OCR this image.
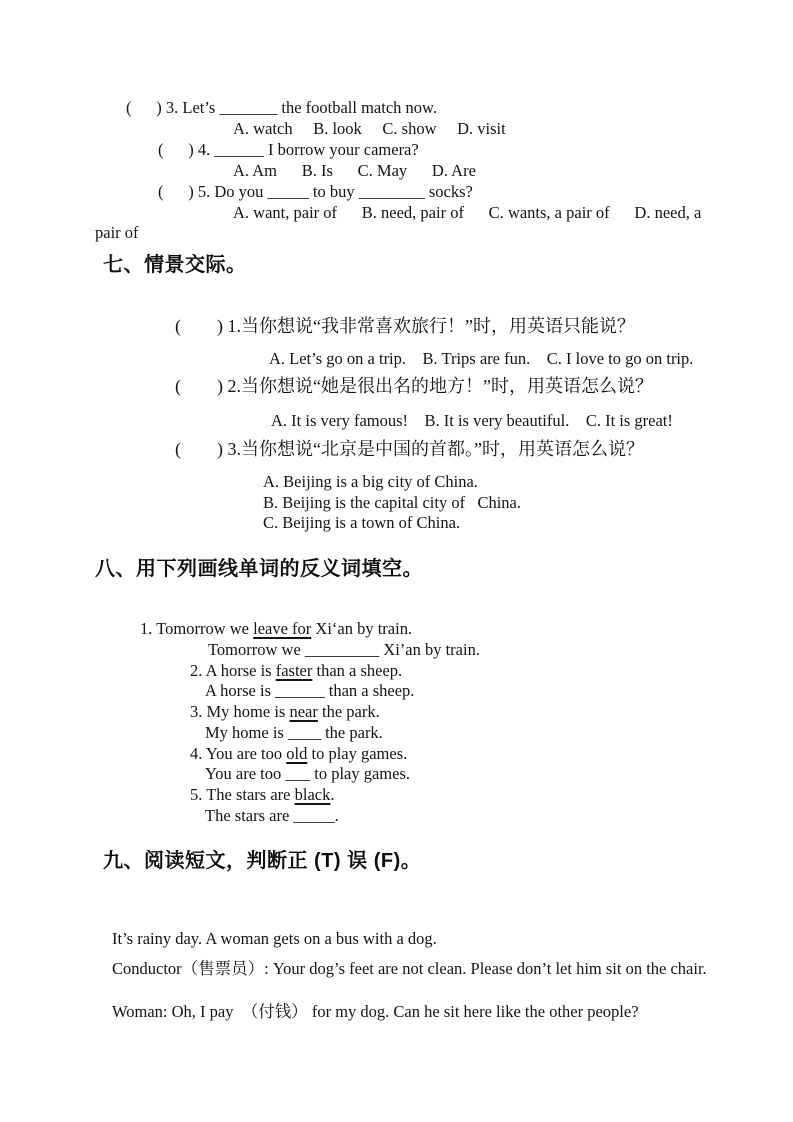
(      ) 3. Let’s _______ the football match now.
A. watch     B. look     C. show     D. visit
(      ) 4. ______ I borrow your camera?
A. Am      B. Is      C. May      D. Are
(      ) 5. Do you _____ to buy ________ socks?
A. want, pair of      B. need, pair of      C. wants, a pair of      D. need, a
pair of
七、情景交际。
(        ) 1.当你想说“我非常喜欢旅行！”时，用英语只能说？
A. Let’s go on a trip.    B. Trips are fun.    C. I love to go on trip.
(        ) 2.当你想说“她是很出名的地方！”时，用英语怎么说？
A. It is very famous!    B. It is very beautiful.    C. It is great!
(        ) 3.当你想说“北京是中国的首都。”时，用英语怎么说？
A. Beijing is a big city of China.
B. Beijing is the capital city of   China.
C. Beijing is a town of China.
八、用下列画线单词的反义词填空。
1. Tomorrow we leave for Xi‘an by train.
Tomorrow we _________ Xi’an by train.
2. A horse is faster than a sheep.
A horse is ______ than a sheep.
3. My home is near the park.
My home is ____ the park.
4. You are too old to play games.
You are too ___ to play games.
5. The stars are black.
The stars are _____.
九、阅读短文，判断正 (T) 误 (F)。
It’s rainy day. A woman gets on a bus with a dog.
Conductor（售票员）: Your dog’s feet are not clean. Please don’t let him sit on the chair.
Woman: Oh, I pay  （付钱） for my dog. Can he sit here like the other people?
